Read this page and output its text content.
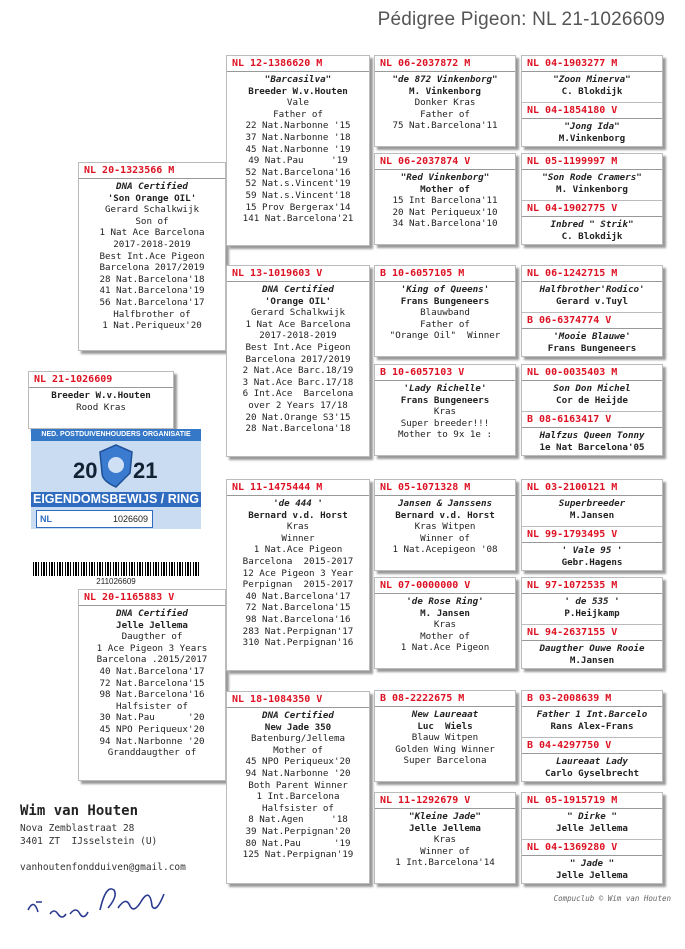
Pédigree Pigeon: NL 21-1026609
NL 21-1026609
Breeder W.v.Houten
Rood Kras
NL 20-1323566 M
DNA Certified
'Son Orange OIL'
Gerard Schalkwijk
Son of
1 Nat Ace Barcelona
2017-2018-2019
Best Int.Ace Pigeon
Barcelona 2017/2019
28 Nat.Barcelona'18
41 Nat.Barcelona'19
56 Nat.Barcelona'17
Halfbrother of
1 Nat.Periqueux'20
NL 20-1165883 V
DNA Certified
Jelle Jellema
Daugther of
1 Ace Pigeon 3 Years
Barcelona .2015/2017
40 Nat.Barcelona'17
72 Nat.Barcelona'15
98 Nat.Barcelona'16
Halfsister of
30 Nat.Pau      '20
45 NPO Periqueux'20
94 Nat.Narbonne '20
Granddaugther of
NL 12-1386620 M
"Barcasilva"
Breeder W.v.Houten
Vale
Father of
22 Nat.Narbonne '15
37 Nat.Narbonne '18
45 Nat.Narbonne '19
49 Nat.Pau     '19
52 Nat.Barcelona'16
52 Nat.s.Vincent'19
59 Nat.s.Vincent'18
15 Prov Bergerax'14
141 Nat.Barcelona'21
NL 13-1019603 V
DNA Certified
'Orange OIL'
Gerard Schalkwijk
1 Nat Ace Barcelona
2017-2018-2019
Best Int.Ace Pigeon
Barcelona 2017/2019
2 Nat.Ace Barc.18/19
3 Nat.Ace Barc.17/18
6 Int.Ace  Barcelona
over 2 Years 17/18
20 Nat.Orange S3'15
28 Nat.Barcelona'18
NL 11-1475444 M
'de 444 '
Bernard v.d. Horst
Kras
Winner
1 Nat.Ace Pigeon
Barcelona  2015-2017
12 Ace Pigeon 3 Year
Perpignan  2015-2017
40 Nat.Barcelona'17
72 Nat.Barcelona'15
98 Nat.Barcelona'16
283 Nat.Perpignan'17
310 Nat.Perpignan'16
NL 18-1084350 V
DNA Certified
New Jade 350
Batenburg/Jellema
Mother of
45 NPO Periqueux'20
94 Nat.Narbonne '20
Both Parent Winner
1 Int.Barcelona
Halfsister of
8 Nat.Agen     '18
39 Nat.Perpignan'20
80 Nat.Pau      '19
125 Nat.Perpignan'19
NL 06-2037872 M
"de 872 Vinkenborg"
M. Vinkenborg
Donker Kras
Father of
75 Nat.Barcelona'11
NL 06-2037874 V
"Red Vinkenborg"
Mother of
15 Int Barcelona'11
20 Nat Periqueux'10
34 Nat.Barcelona'10
B 10-6057105 M
'King of Queens'
Frans Bungeneers
Blauwband
Father of
"Orange Oil"  Winner
B 10-6057103 V
'Lady Richelle'
Frans Bungeneers
Kras
Super breeder!!!
Mother to 9x 1e :
NL 05-1071328 M
Jansen & Janssens
Bernard v.d. Horst
Kras Witpen
Winner of
1 Nat.Acepigeon '08
NL 07-0000000 V
'de Rose Ring'
M. Jansen
Kras
Mother of
1 Nat.Ace Pigeon
B 08-2222675 M
New Laureaat
Luc  Wiels
Blauw Witpen
Golden Wing Winner
Super Barcelona
NL 11-1292679 V
"Kleine Jade"
Jelle Jellema
Kras
Winner of
1 Int.Barcelona'14
NL 04-1903277 M
"Zoon Minerva"
C. Blokdijk
NL 04-1854180 V
"Jong Ida"
M.Vinkenborg
NL 05-1199997 M
"Son Rode Cramers"
M. Vinkenborg
NL 04-1902775 V
Inbred " Strik"
C. Blokdijk
NL 06-1242715 M
Halfbrother'Rodico'
Gerard v.Tuyl
B 06-6374774 V
'Mooie Blauwe'
Frans Bungeneers
NL 00-0035403 M
Son Don Michel
Cor de Heijde
B 08-6163417 V
Halfzus Queen Tonny
1e Nat Barcelona'05
NL 03-2100121 M
Superbreeder
M.Jansen
NL 99-1793495 V
' Vale 95 '
Gebr.Hagens
NL 97-1072535 M
' de 535 '
P.Heijkamp
NL 94-2637155 V
Daugther Ouwe Rooie
M.Jansen
B 03-2008639 M
Father 1 Int.Barcelo
Rans Alex-Frans
B 04-4297750 V
Laureaat Lady
Carlo Gyselbrecht
NL 05-1915719 M
" Dirke "
Jelle Jellema
NL 04-1369280 V
" Jade "
Jelle Jellema
NED. POSTDUIVENHOUDERS ORGANISATIE
20 21
EIGENDOMSBEWIJS / RING
NL	1026609
211026609
Wim van Houten
Nova Zemblastraat 28
3401 ZT  IJsselstein (U)
vanhoutenfondduiven@gmail.com
Compuclub © Wim van Houten
